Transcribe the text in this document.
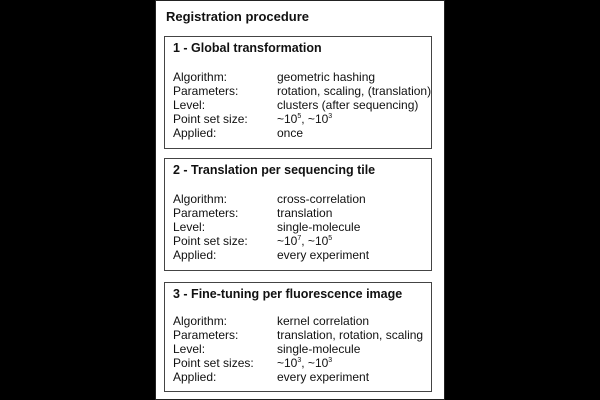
Registration procedure
1 - Global transformation
Algorithm:	geometric hashing
Parameters:	rotation, scaling, (translation)
Level:	clusters (after sequencing)
Point set size: $\sim 10^5$, $\sim 10^3$
Applied:	once
2 - Translation per sequencing tile
Algorithm:	cross-correlation
Parameters:	translation
Level:	single-molecule
Point set size: $\sim 10^7$, $\sim 10^5$
Applied:	every experiment
3 - Fine-tuning per fluorescence image
Algorithm:	kernel correlation
Parameters:	translation, rotation, scaling
Level:	single-molecule
Point set sizes: $\sim 10^3$, $\sim 10^3$
Applied:	every experiment
